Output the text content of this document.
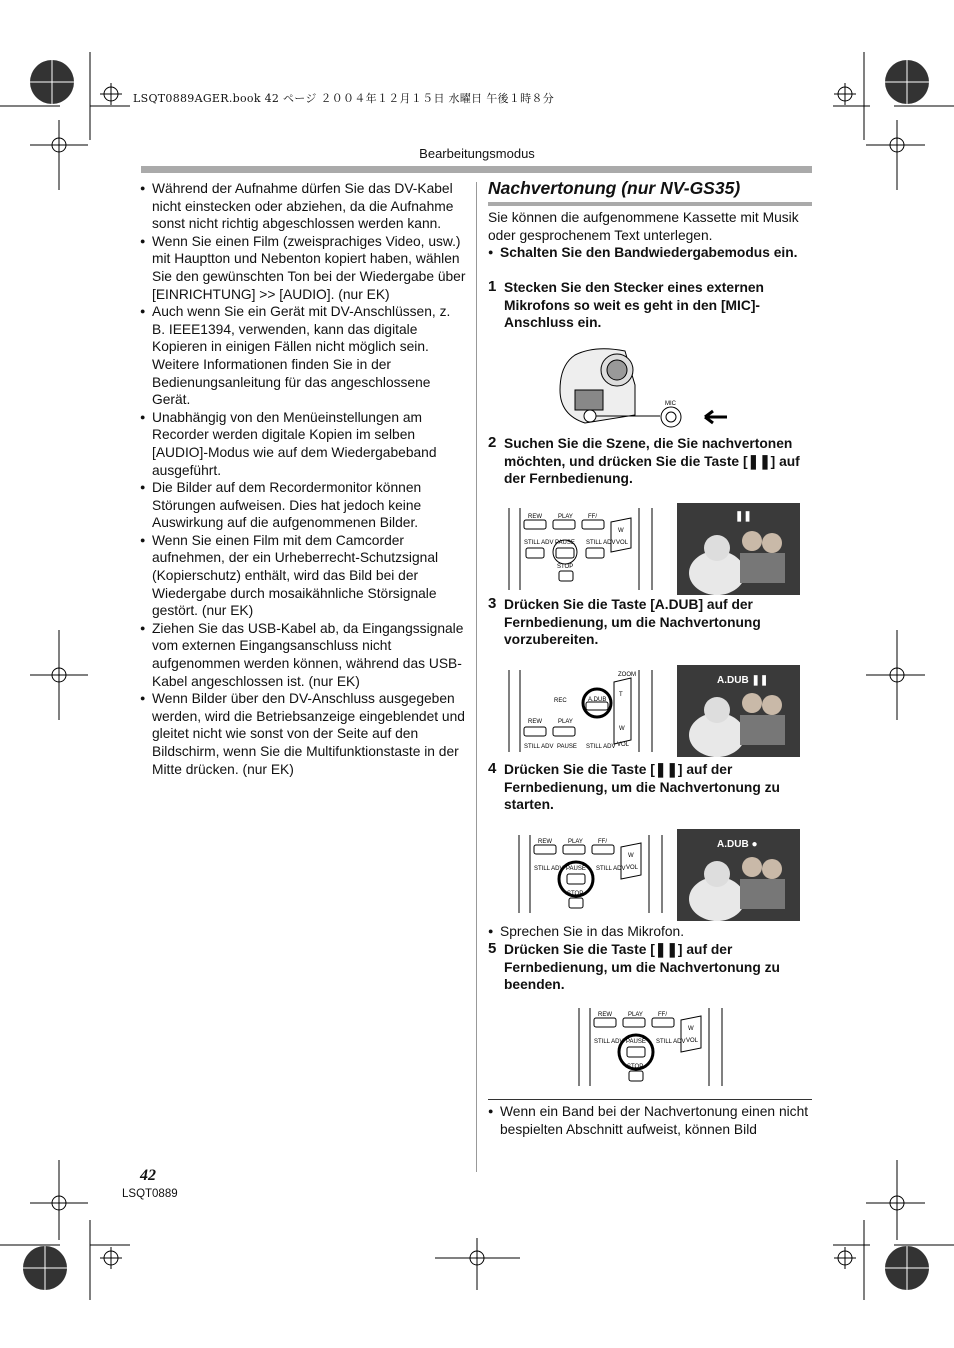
LSQT0889AGER.book 42 ページ ２００４年１２月１５日 水曜日 午後１時８分
Bearbeitungsmodus

● Während der Aufnahme dürfen Sie das DV-Kabel nicht einstecken oder abziehen, da die Aufnahme sonst nicht richtig abgeschlossen werden kann.

● Wenn Sie einen Film (zweisprachiges Video, usw.) mit Hauptton und Nebenton kopiert haben, wählen Sie den gewünschten Ton bei der Wiedergabe über [EINRICHTUNG] >> [AUDIO]. (nur EK)

● Auch wenn Sie ein Gerät mit DV-Anschlüssen, z. B. IEEE1394, verwenden, kann das digitale Kopieren in einigen Fällen nicht möglich sein. Weitere Informationen finden Sie in der Bedienungsanleitung für das angeschlossene Gerät.

● Unabhängig von den Menüeinstellungen am Recorder werden digitale Kopien im selben [AUDIO]-Modus wie auf dem Wiedergabeband ausgeführt.

● Die Bilder auf dem Recordermonitor können Störungen aufweisen. Dies hat jedoch keine Auswirkung auf die aufgenommenen Bilder.

● Wenn Sie einen Film mit dem Camcorder aufnehmen, der ein Urheberrecht-Schutzsignal (Kopierschutz) enthält, wird das Bild bei der Wiedergabe durch mosaikähnliche Störsignale gestört. (nur EK)

● Ziehen Sie das USB-Kabel ab, da Eingangssignale vom externen Eingangsanschluss nicht aufgenommen werden können, während das USB-Kabel angeschlossen ist. (nur EK)

● Wenn Bilder über den DV-Anschluss ausgegeben werden, wird die Betriebsanzeige eingeblendet und gleitet nicht wie sonst von der Seite auf den Bildschirm, wenn Sie die Multifunktionstaste in der Mitte drücken. (nur EK)

Nachvertonung (nur NV-GS35)

Sie können die aufgenommene Kassette mit Musik oder gesprochenem Text unterlegen.

● Schalten Sie den Bandwiedergabemodus ein.

1 Stecken Sie den Stecker eines externen Mikrofons so weit es geht in den [MIC]-Anschluss ein.

MIC

2 Suchen Sie die Szene, die Sie nachvertonen möchten, und drücken Sie die Taste [❚❚] auf der Fernbedienung.

REW	PLAY	FF/
STILL ADV PAUSE STILL ADV
STOP
W
VOL
❚❚

3 Drücken Sie die Taste [A.DUB] auf der Fernbedienung, um die Nachvertonung vorzubereiten.

ZOOM
T
W
VOL
REC	A.DUB
REW	PLAY
STILL ADV PAUSE STILL ADV
A.DUB ❚❚

4 Drücken Sie die Taste [❚❚] auf der Fernbedienung, um die Nachvertonung zu starten.

REW	PLAY	FF/
STILL ADV PAUSE STILL ADV
STOP
W
VOL
A.DUB ●

● Sprechen Sie in das Mikrofon.

5 Drücken Sie die Taste [❚❚] auf der Fernbedienung, um die Nachvertonung zu beenden.

REW	PLAY	FF/
STILL ADV PAUSE STILL ADV
STOP
W
VOL

● Wenn ein Band bei der Nachvertonung einen nicht bespielten Abschnitt aufweist, können Bild

42
LSQT0889
